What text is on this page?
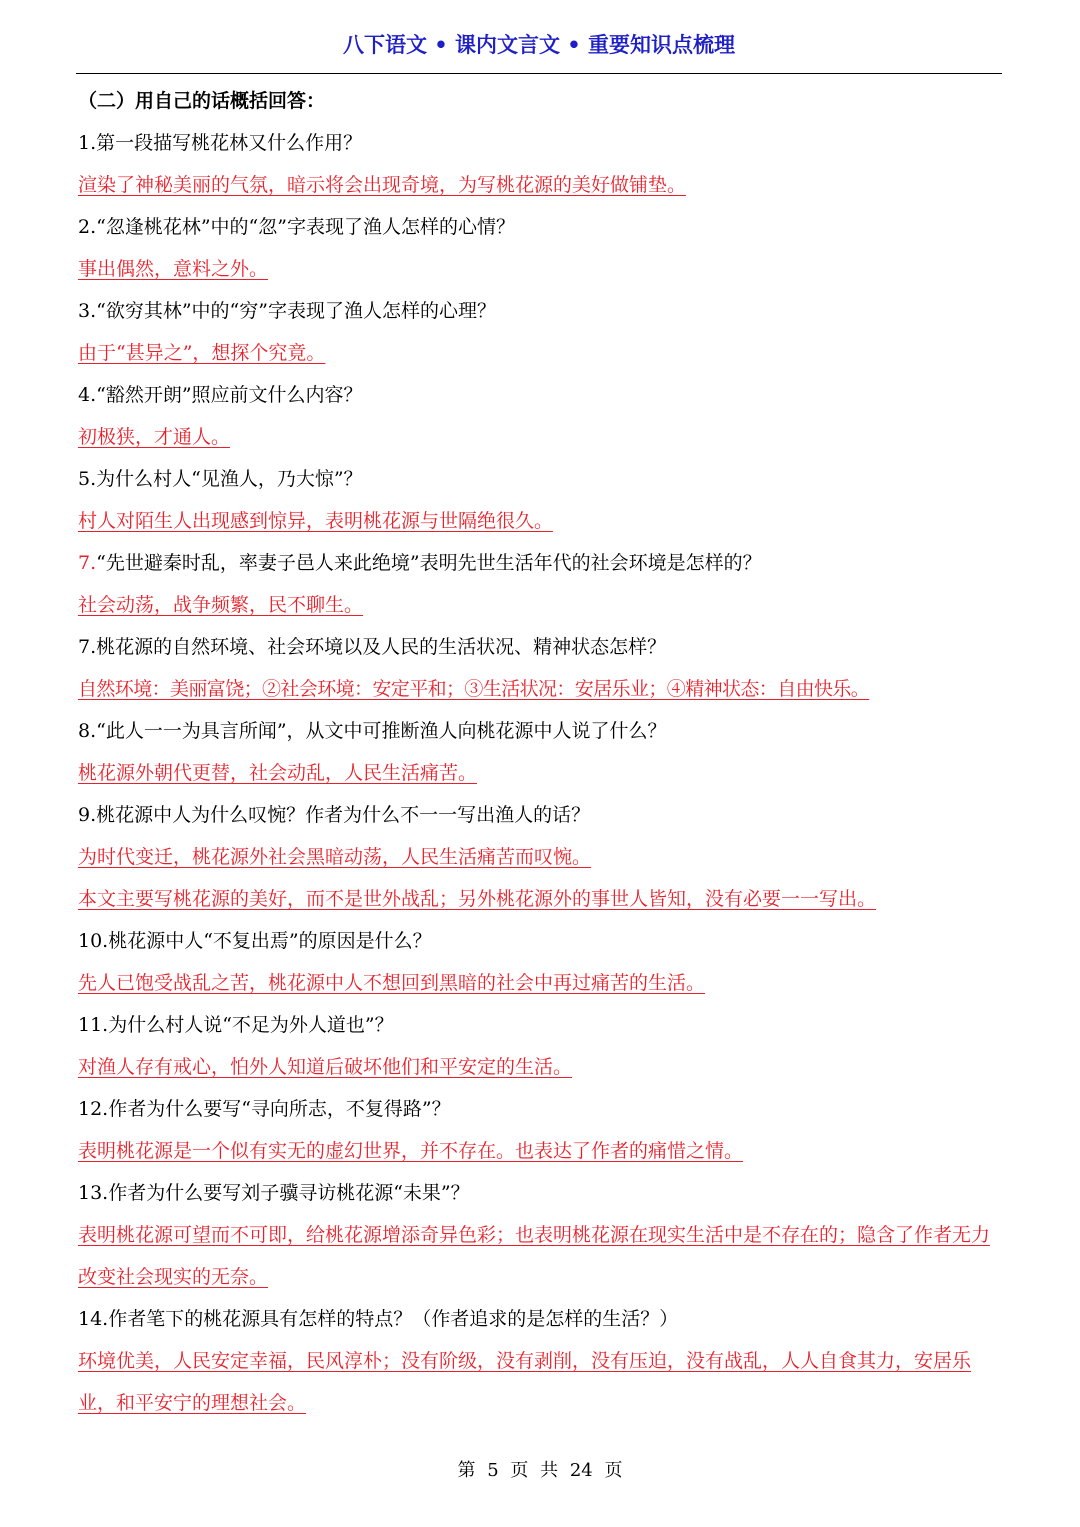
八下语文 • 课内文言文 • 重要知识点梳理
（二）用自己的话概括回答：
1.第一段描写桃花林又什么作用？
渲染了神秘美丽的气氛，暗示将会出现奇境，为写桃花源的美好做铺垫。
2.“忽逢桃花林”中的“忽”字表现了渔人怎样的心情？
事出偶然，意料之外。
3.“欲穷其林”中的“穷”字表现了渔人怎样的心理？
由于“甚异之”，想探个究竟。
4.“豁然开朗”照应前文什么内容？
初极狭，才通人。
5.为什么村人“见渔人，乃大惊”？
村人对陌生人出现感到惊异，表明桃花源与世隔绝很久。
7.“先世避秦时乱，率妻子邑人来此绝境”表明先世生活年代的社会环境是怎样的？
社会动荡，战争频繁，民不聊生。
7.桃花源的自然环境、社会环境以及人民的生活状况、精神状态怎样？
自然环境：美丽富饶；②社会环境：安定平和；③生活状况：安居乐业；④精神状态：自由快乐。
8.“此人一一为具言所闻”，从文中可推断渔人向桃花源中人说了什么？
桃花源外朝代更替，社会动乱，人民生活痛苦。
9.桃花源中人为什么叹惋？作者为什么不一一写出渔人的话？
为时代变迁，桃花源外社会黑暗动荡，人民生活痛苦而叹惋。
本文主要写桃花源的美好，而不是世外战乱；另外桃花源外的事世人皆知，没有必要一一写出。
10.桃花源中人“不复出焉”的原因是什么？
先人已饱受战乱之苦，桃花源中人不想回到黑暗的社会中再过痛苦的生活。
11.为什么村人说“不足为外人道也”？
对渔人存有戒心，怕外人知道后破坏他们和平安定的生活。
12.作者为什么要写“寻向所志，不复得路”？
表明桃花源是一个似有实无的虚幻世界，并不存在。也表达了作者的痛惜之情。
13.作者为什么要写刘子骥寻访桃花源“未果”？
表明桃花源可望而不可即，给桃花源增添奇异色彩；也表明桃花源在现实生活中是不存在的；隐含了作者无力改变社会现实的无奈。
14.作者笔下的桃花源具有怎样的特点？（作者追求的是怎样的生活？）
环境优美，人民安定幸福，民风淳朴；没有阶级，没有剥削，没有压迫，没有战乱，人人自食其力，安居乐业，和平安宁的理想社会。
第 5 页 共 24 页
